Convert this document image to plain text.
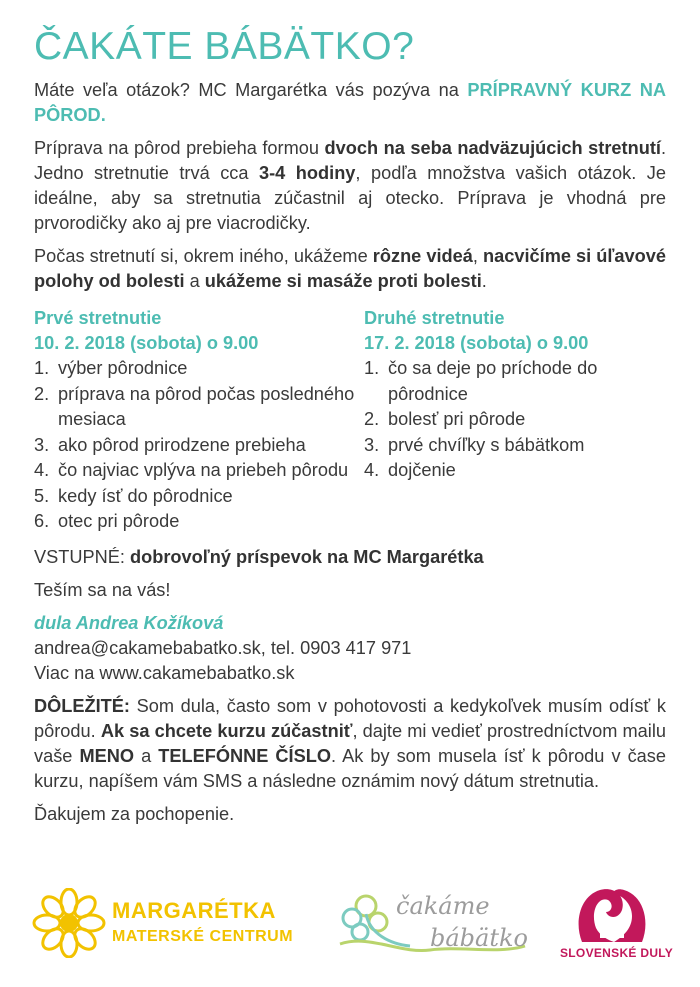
ČAKÁTE BÁBÄTKO?

Máte veľa otázok? MC Margarétka vás pozýva na PRÍPRAVNÝ KURZ NA PÔROD.

Príprava na pôrod prebieha formou dvoch na seba nadväzujúcich stretnutí. Jedno stretnutie trvá cca 3-4 hodiny, podľa množstva vašich otázok. Je ideálne, aby sa stretnutia zúčastnil aj otecko. Príprava je vhodná pre prvorodičky ako aj pre viacrodičky.

Počas stretnutí si, okrem iného, ukážeme rôzne videá, nacvičíme si úľavové polohy od bolesti a ukážeme si masáže proti bolesti.

Prvé stretnutie
10. 2. 2018 (sobota) o 9.00
1. výber pôrodnice
2. príprava na pôrod počas posledného mesiaca
3. ako pôrod prirodzene prebieha
4. čo najviac vplýva na priebeh pôrodu
5. kedy ísť do pôrodnice
6. otec pri pôrode
Druhé stretnutie
17. 2. 2018 (sobota) o 9.00
1. čo sa deje po príchode do pôrodnice
2. bolesť pri pôrode
3. prvé chvíľky s bábätkom
4. dojčenie

VSTUPNÉ: dobrovoľný príspevok na MC Margarétka

Teším sa na vás!

dula Andrea Kožíková

andrea@cakamebabatko.sk, tel. 0903 417 971

Viac na www.cakamebabatko.sk

DÔLEŽITÉ: Som dula, často som v pohotovosti a kedykoľvek musím odísť k pôrodu. Ak sa chcete kurzu zúčastniť, dajte mi vedieť prostredníctvom mailu vaše MENO a TELEFÓNNE ČÍSLO. Ak by som musela ísť k pôrodu v čase kurzu, napíšem vám SMS a následne oznámim nový dátum stretnutia.

Ďakujem za pochopenie.

MARGARÉTKA
MATERSKÉ CENTRUM
čakáme
bábätko
SLOVENSKÉ DULY
